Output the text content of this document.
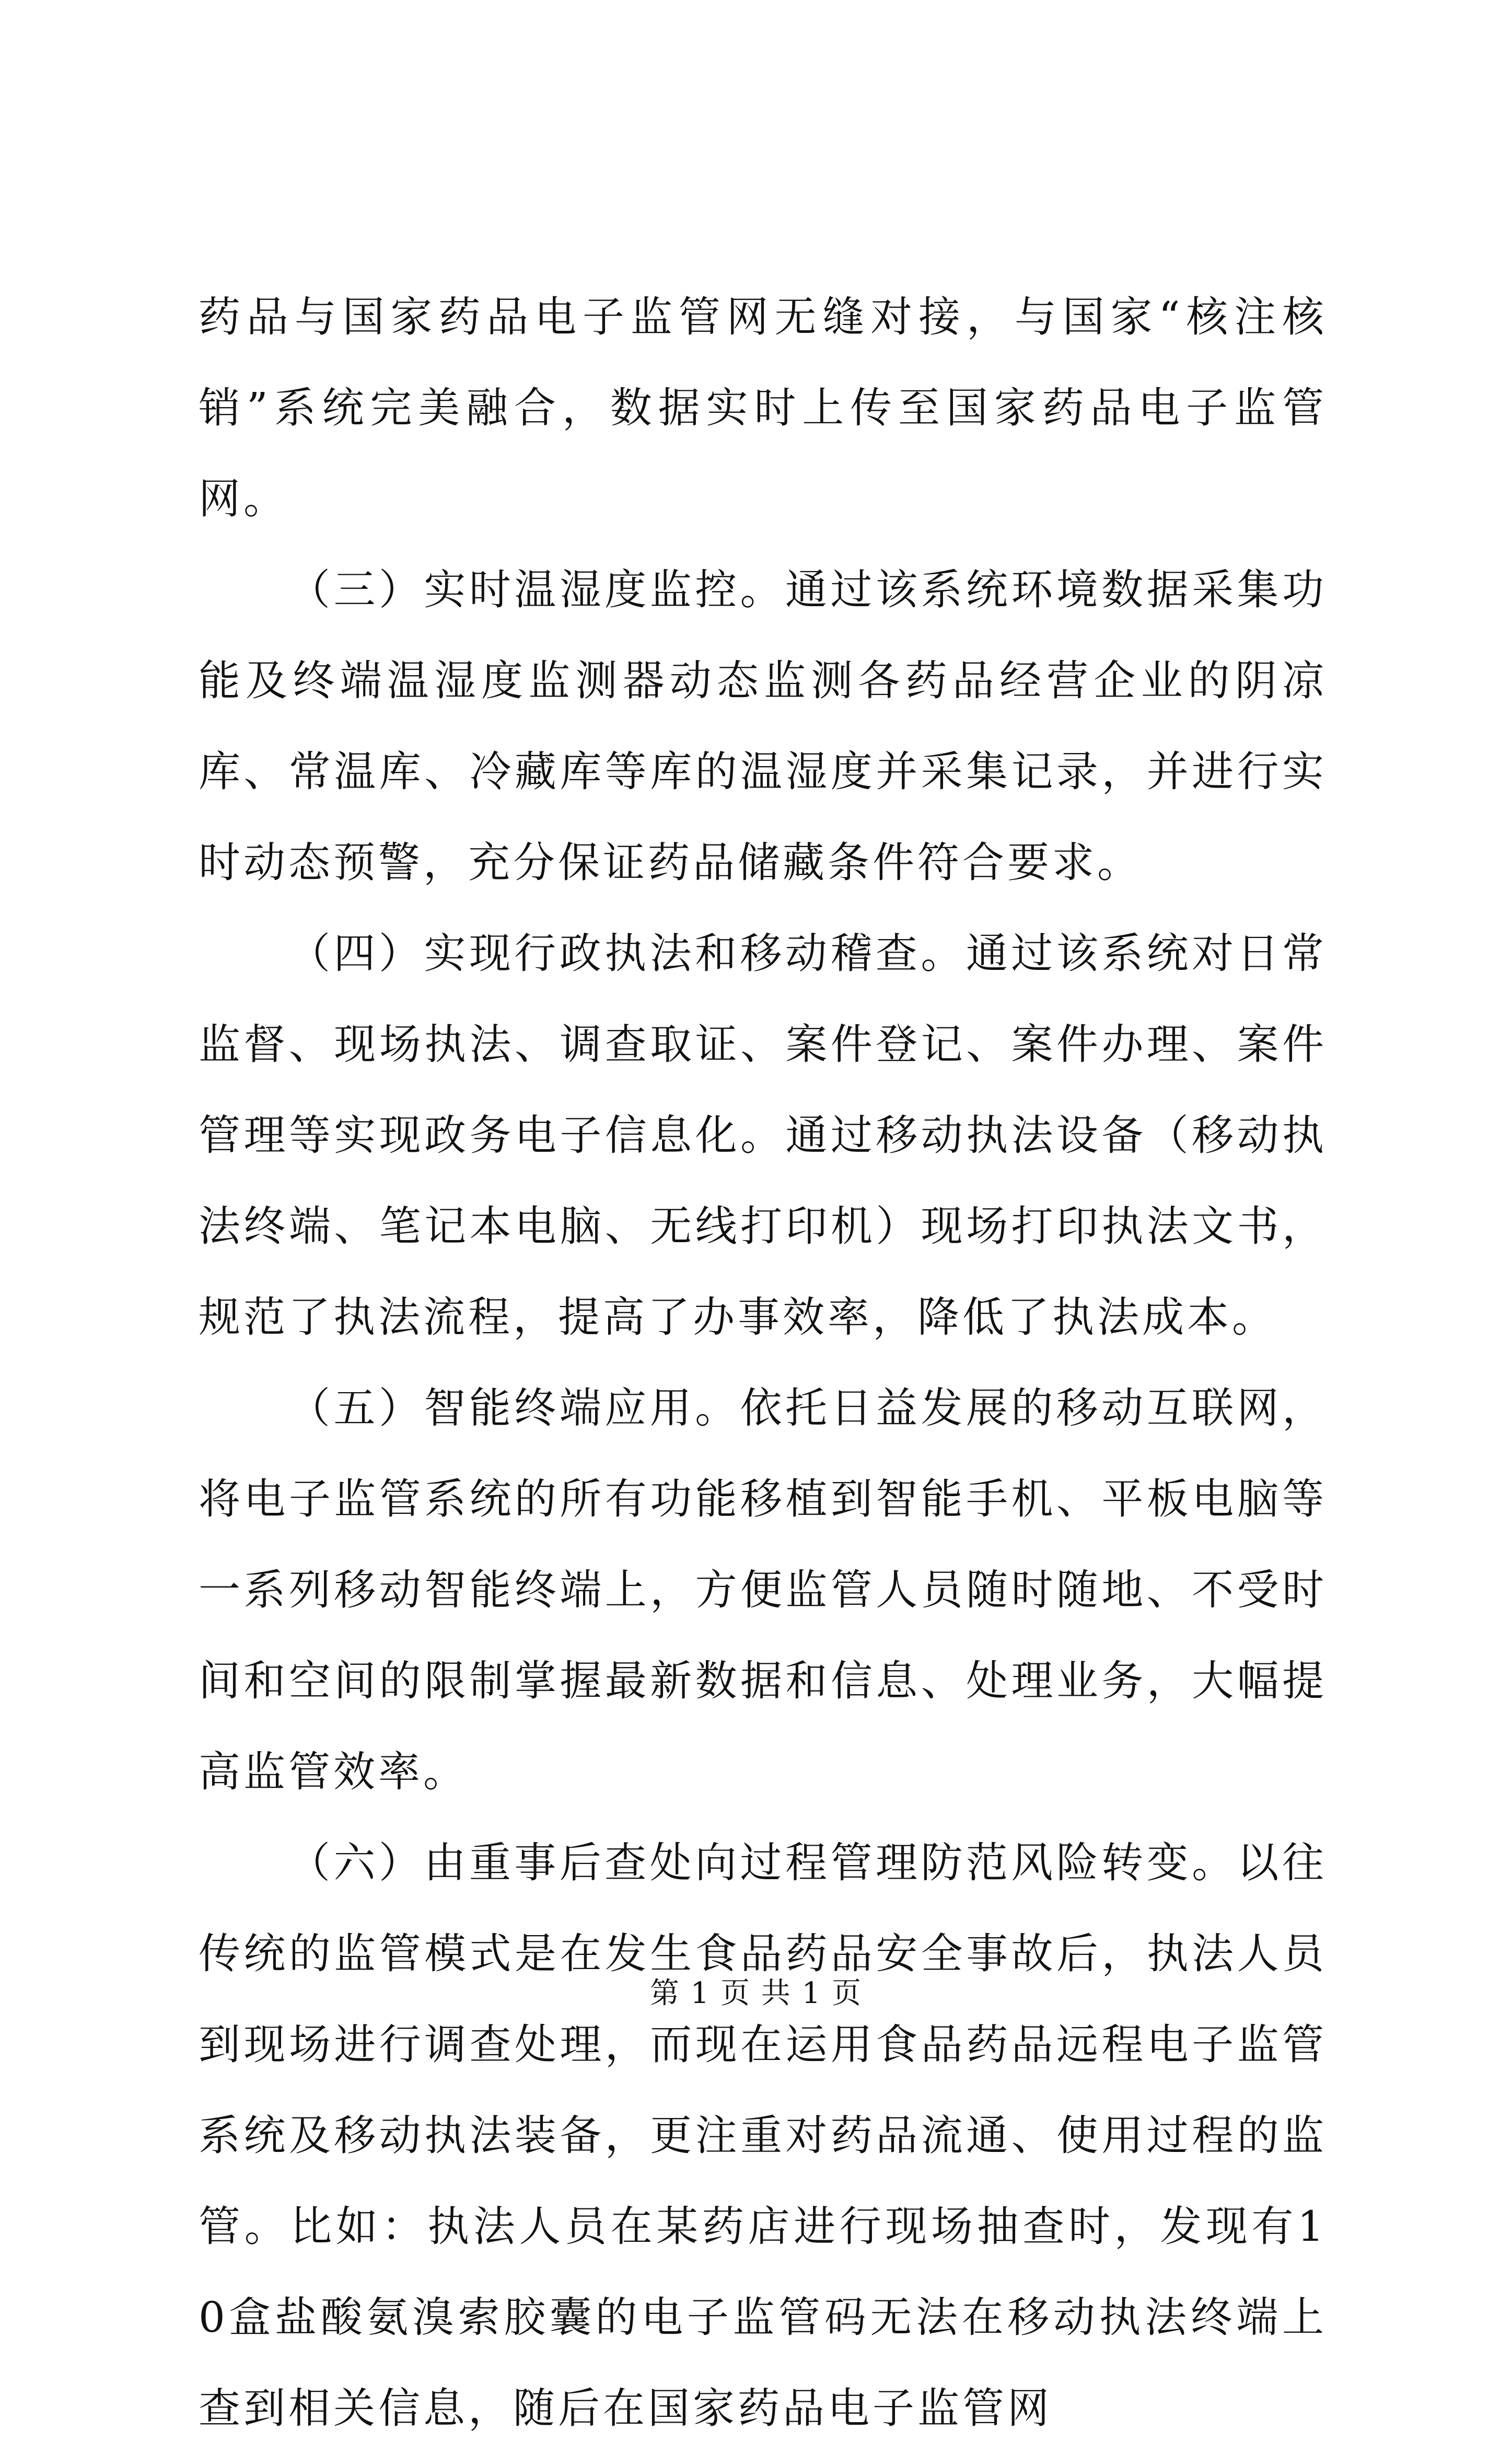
药品与国家药品电子监管网无缝对接，与国家“核注核销”系统完美融合，数据实时上传至国家药品电子监管网。

（三）实时温湿度监控。通过该系统环境数据采集功能及终端温湿度监测器动态监测各药品经营企业的阴凉库、常温库、冷藏库等库的温湿度并采集记录，并进行实时动态预警，充分保证药品储藏条件符合要求。

（四）实现行政执法和移动稽查。通过该系统对日常监督、现场执法、调查取证、案件登记、案件办理、案件管理等实现政务电子信息化。通过移动执法设备（移动执法终端、笔记本电脑、无线打印机）现场打印执法文书，规范了执法流程，提高了办事效率，降低了执法成本。

（五）智能终端应用。依托日益发展的移动互联网，将电子监管系统的所有功能移植到智能手机、平板电脑等一系列移动智能终端上，方便监管人员随时随地、不受时间和空间的限制掌握最新数据和信息、处理业务，大幅提高监管效率。

（六）由重事后查处向过程管理防范风险转变。以往传统的监管模式是在发生食品药品安全事故后，执法人员到现场进行调查处理，而现在运用食品药品远程电子监管系统及移动执法装备，更注重对药品流通、使用过程的监管。比如：执法人员在某药店进行现场抽查时，发现有10盒盐酸氨溴索胶囊的电子监管码无法在移动执法终端上查到相关信息，随后在国家药品电子监管网

第 1 页 共 1 页
